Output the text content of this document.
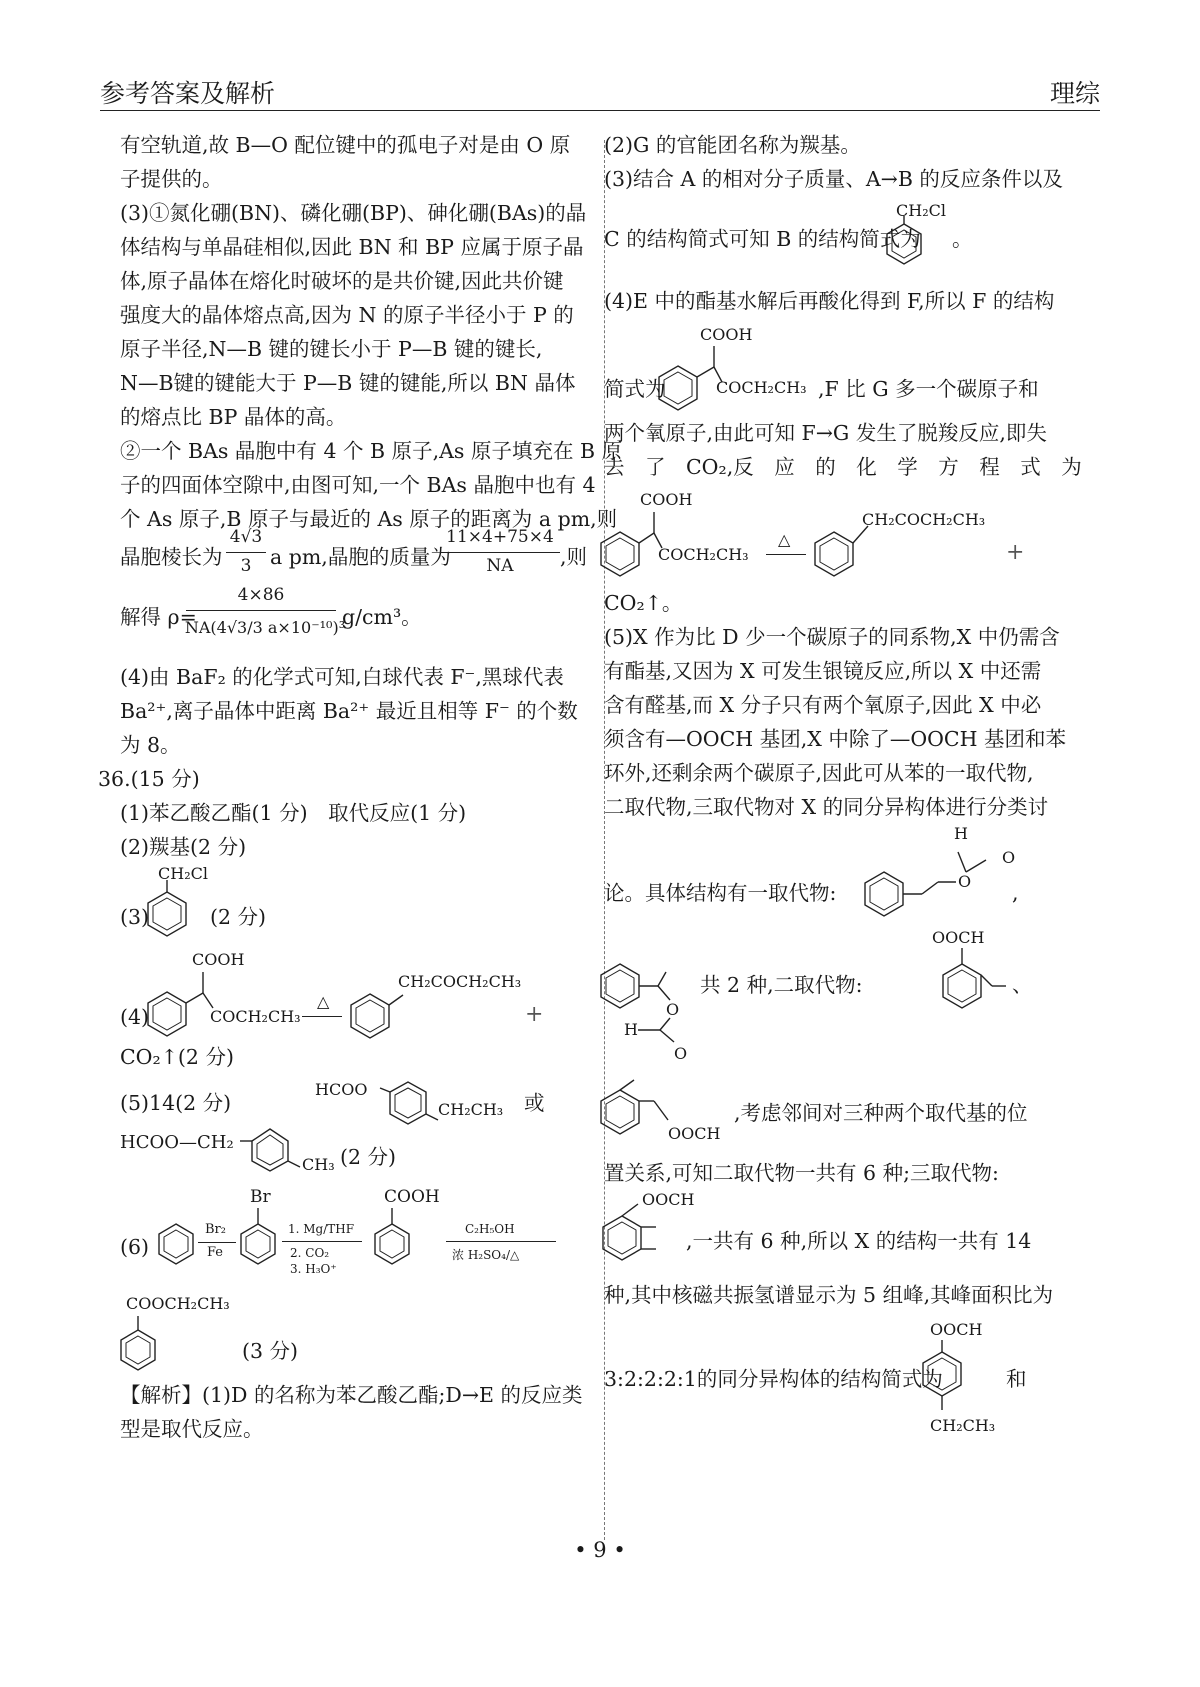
参考答案及解析	理综
有空轨道,故 B—O 配位键中的孤电子对是由 O 原
子提供的。
(3)①氮化硼(BN)、磷化硼(BP)、砷化硼(BAs)的晶
体结构与单晶硅相似,因此 BN 和 BP 应属于原子晶
体,原子晶体在熔化时破坏的是共价键,因此共价键
强度大的晶体熔点高,因为 N 的原子半径小于 P 的
原子半径,N—B 键的键长小于 P—B 键的键长,
N—B键的键能大于 P—B 键的键能,所以 BN 晶体
的熔点比 BP 晶体的高。
②一个 BAs 晶胞中有 4 个 B 原子,As 原子填充在 B 原
子的四面体空隙中,由图可知,一个 BAs 晶胞中也有 4
个 As 原子,B 原子与最近的 As 原子的距离为 a pm,则
晶胞棱长为
4√3
3 a pm,晶胞的质量为
11×4+75×4
NA	,则
解得 ρ=
4×86
NA(4√3/3 a×10⁻¹⁰)³
g/cm³。
(4)由 BaF₂ 的化学式可知,白球代表 F⁻,黑球代表
Ba²⁺,离子晶体中距离 Ba²⁺ 最近且相等 F⁻ 的个数
为 8。
36.(15 分)
(1)苯乙酸乙酯(1 分)　取代反应(1 分)
(2)羰基(2 分)
CH₂Cl
(3)	(2 分)
COOH
(4)	COCH₂CH₃
△
CH₂COCH₂CH₃
+
CO₂↑(2 分)
(5)14(2 分)
HCOO
CH₂CH₃ 或
HCOO—CH₂
CH₃ (2 分)
(6)
Br₂
Fe
Br
1. Mg/THF
2. CO₂
3. H₃O⁺
COOH
C₂H₅OH
浓 H₂SO₄/△
COOCH₂CH₃
(3 分)
【解析】(1)D 的名称为苯乙酸乙酯;D→E 的反应类
型是取代反应。
(2)G 的官能团名称为羰基。
(3)结合 A 的相对分子质量、A→B 的反应条件以及
CH₂Cl
C 的结构简式可知 B 的结构简式为 。
(4)E 中的酯基水解后再酸化得到 F,所以 F 的结构
COOH
简式为	COCH₂CH₃ ,F 比 G 多一个碳原子和
两个氧原子,由此可知 F→G 发生了脱羧反应,即失
去　了　CO₂,反　应　的　化　学　方　程　式　为
COOH
COCH₂CH₃
△
CH₂COCH₂CH₃
+
CO₂↑。
(5)X 作为比 D 少一个碳原子的同系物,X 中仍需含
有酯基,又因为 X 可发生银镜反应,所以 X 中还需
含有醛基,而 X 分子只有两个氧原子,因此 X 中必
须含有—OOCH 基团,X 中除了—OOCH 基团和苯
环外,还剩余两个碳原子,因此可从苯的一取代物,
二取代物,三取代物对 X 的同分异构体进行分类讨
H
O
O
论。具体结构有一取代物:	,
O
H
O
共 2 种,二取代物:
OOCH
、
OOCH
,考虑邻间对三种两个取代基的位
置关系,可知二取代物一共有 6 种;三取代物:
OOCH
,一共有 6 种,所以 X 的结构一共有 14
种,其中核磁共振氢谱显示为 5 组峰,其峰面积比为
OOCH
3:2:2:2:1的同分异构体的结构简式为	和
CH₂CH₃
• 9 •
